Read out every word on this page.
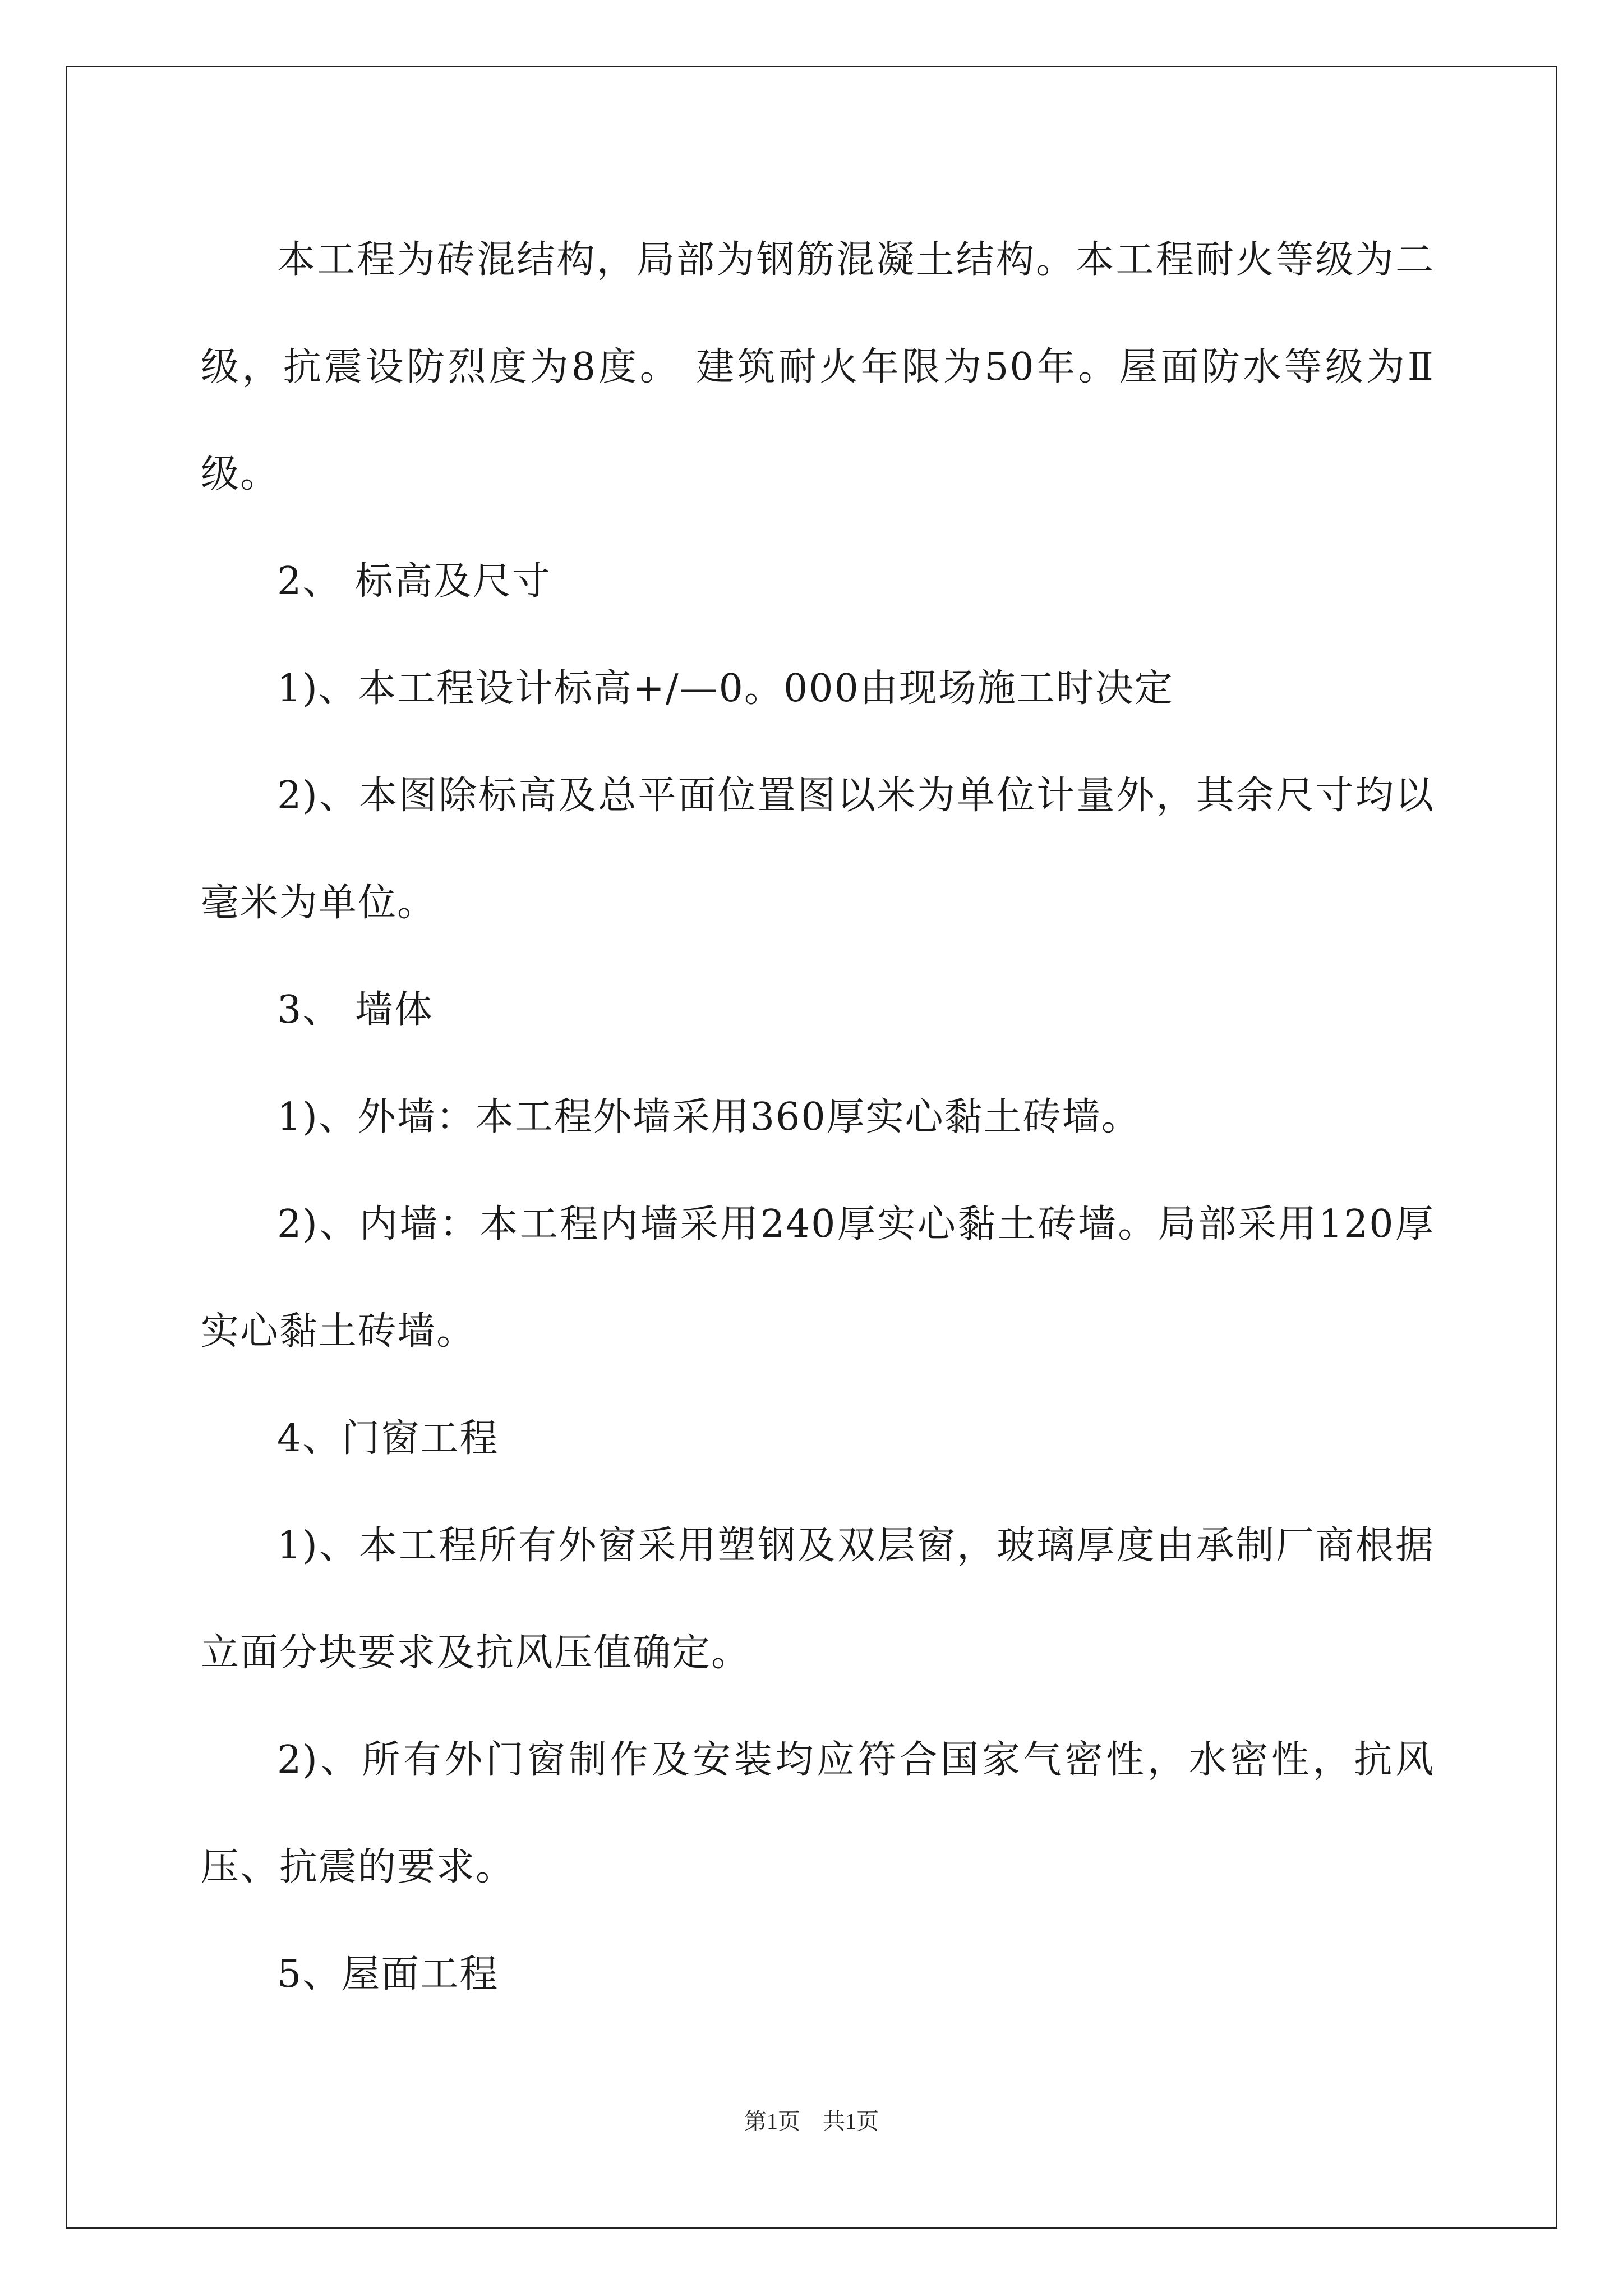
本工程为砖混结构，局部为钢筋混凝土结构。本工程耐火等级为二级，抗震设防烈度为8度。 建筑耐火年限为50年。屋面防水等级为Ⅱ级。

2、 标高及尺寸

1)、本工程设计标高+/—0。000由现场施工时决定

2)、本图除标高及总平面位置图以米为单位计量外，其余尺寸均以毫米为单位。

3、 墙体

1)、外墙：本工程外墙采用360厚实心黏土砖墙。

2)、内墙：本工程内墙采用240厚实心黏土砖墙。局部采用120厚实心黏土砖墙。

4、门窗工程

1)、本工程所有外窗采用塑钢及双层窗，玻璃厚度由承制厂商根据立面分块要求及抗风压值确定。

2)、所有外门窗制作及安装均应符合国家气密性，水密性，抗风压、抗震的要求。

5、屋面工程

第1页　共1页
